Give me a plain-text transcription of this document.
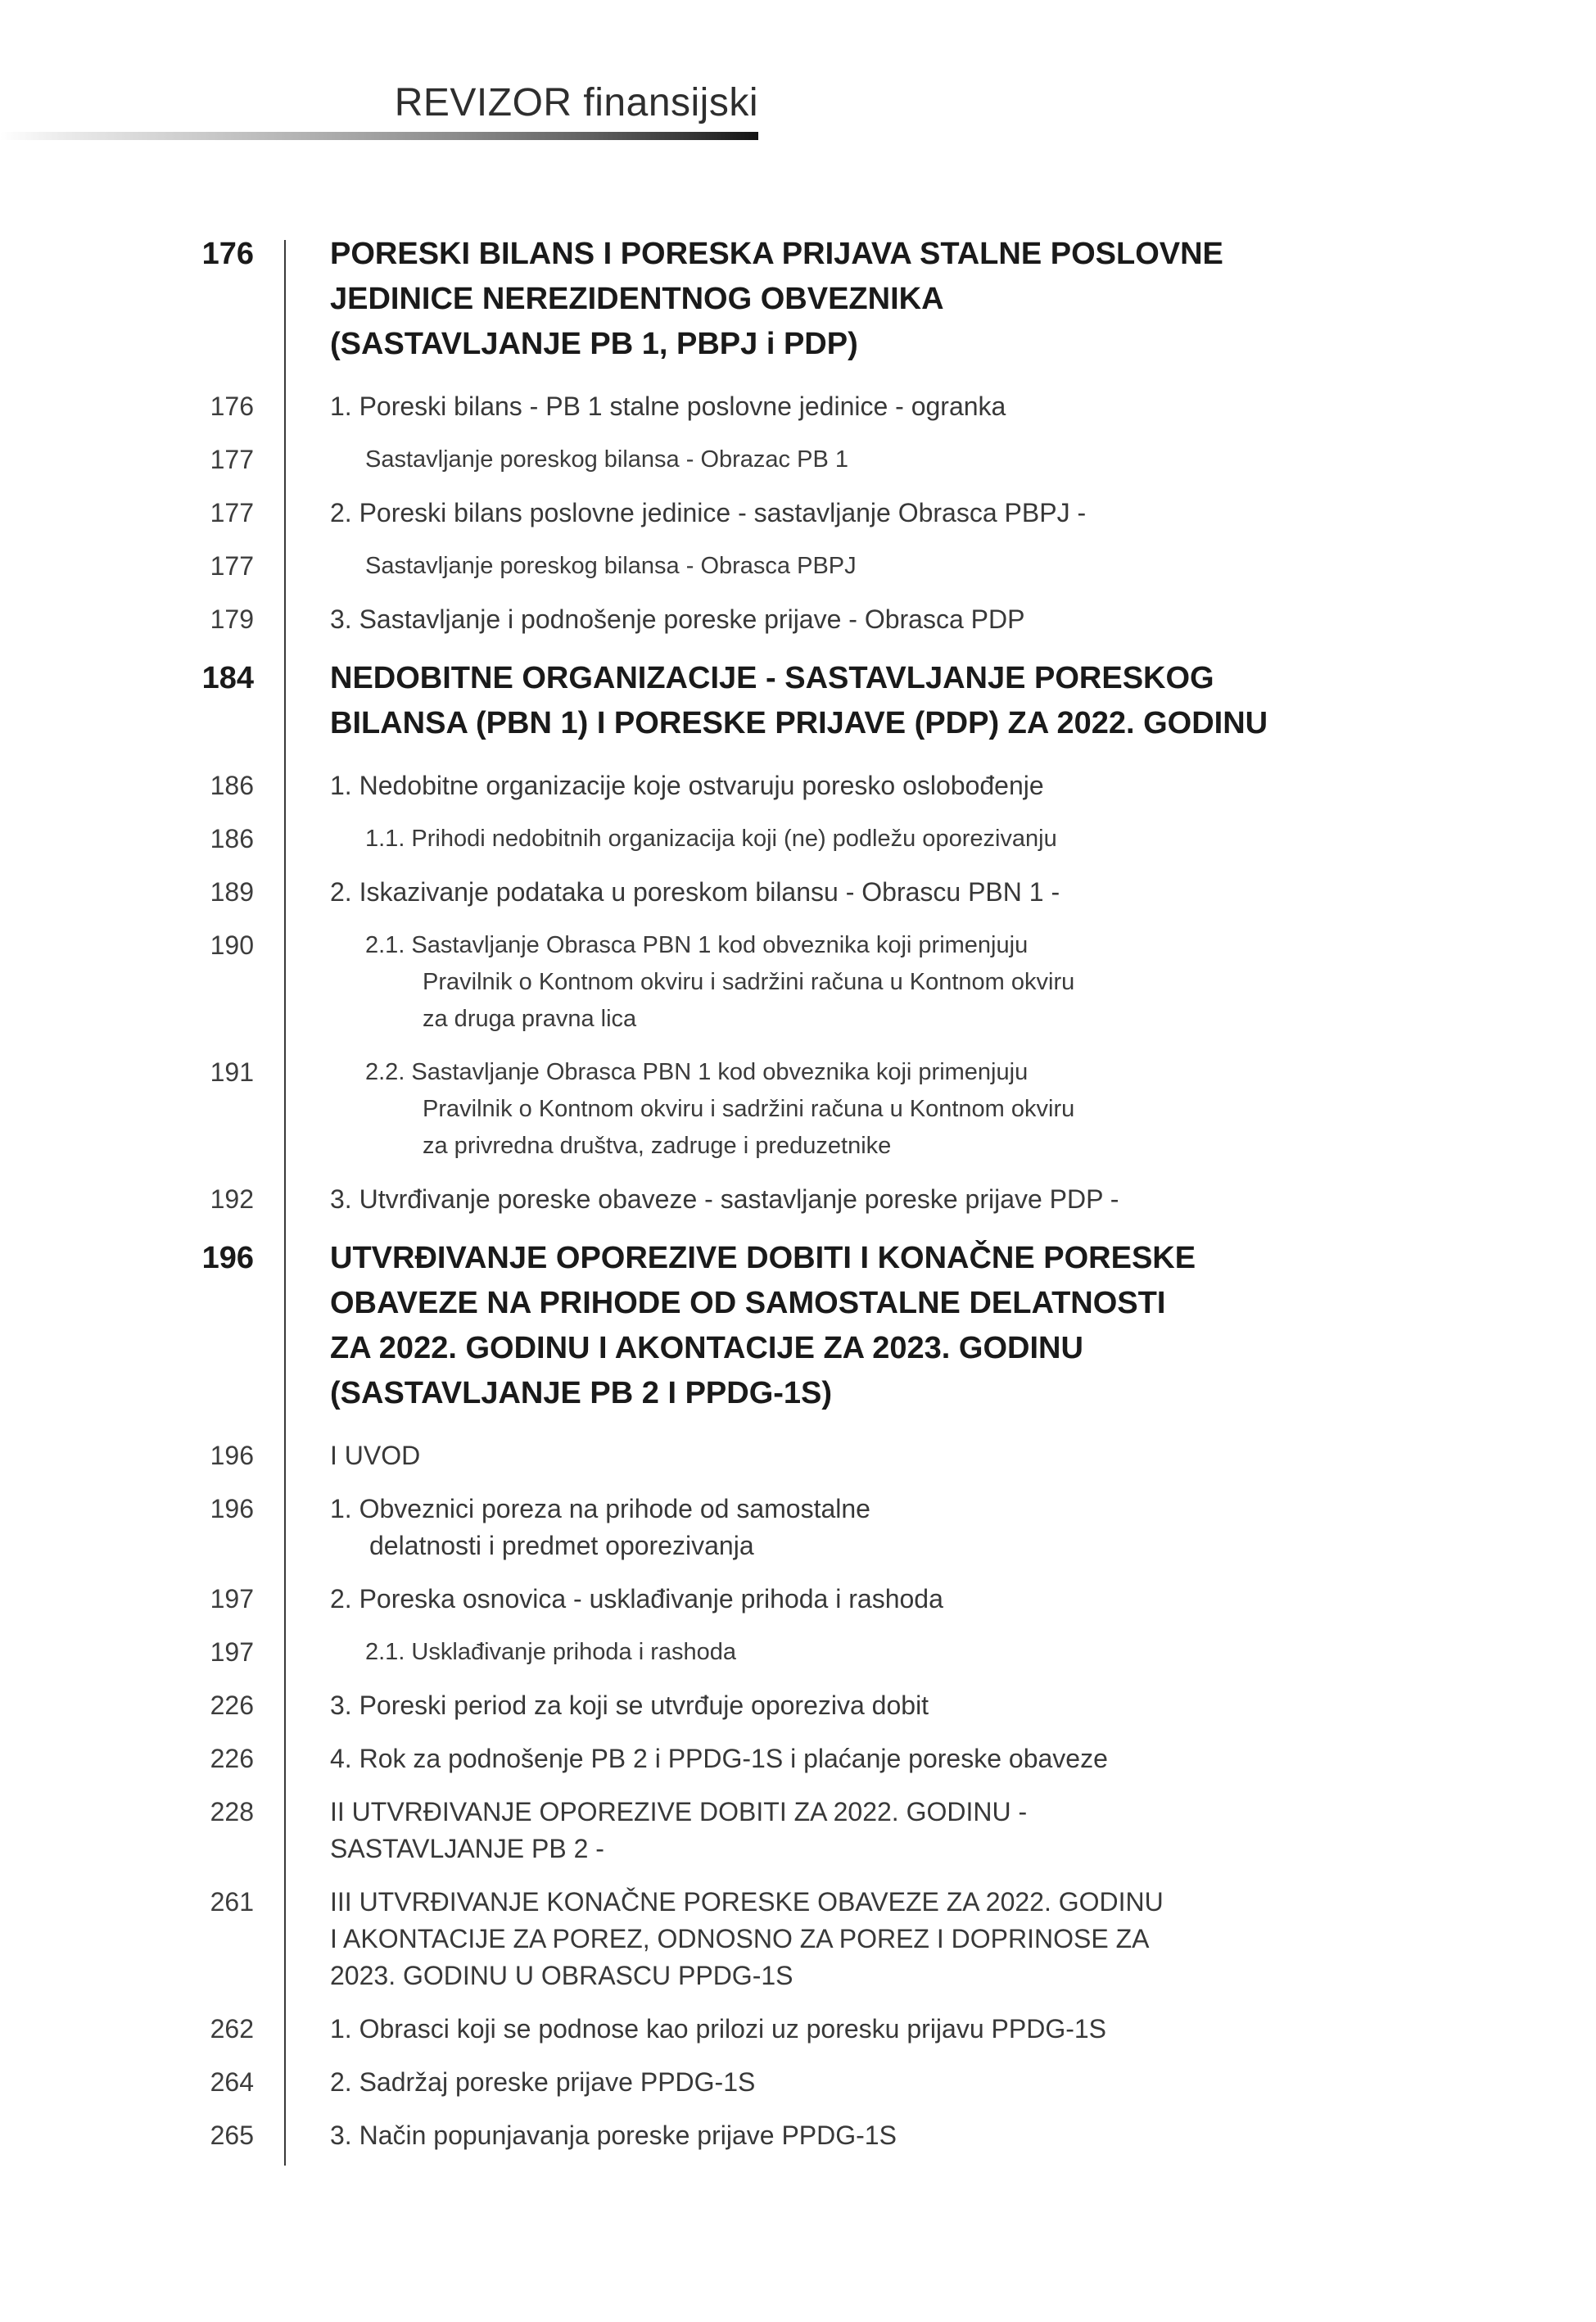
REVIZOR finansijski
176 PORESKI BILANS I PORESKA PRIJAVA STALNE POSLOVNE
JEDINICE NEREZIDENTNOG OBVEZNIKA
(SASTAVLJANJE PB 1, PBPJ i PDP)
176	1. Poreski bilans - PB 1 stalne poslovne jedinice - ogranka
177	Sastavljanje poreskog bilansa - Obrazac PB 1
177	2. Poreski bilans poslovne jedinice - sastavljanje Obrasca PBPJ -
177	Sastavljanje poreskog bilansa - Obrasca PBPJ
179	3. Sastavljanje i podnošenje poreske prijave - Obrasca PDP
184 NEDOBITNE ORGANIZACIJE - SASTAVLJANJE PORESKOG
BILANSA (PBN 1) I PORESKE PRIJAVE (PDP) ZA 2022. GODINU
186	1. Nedobitne organizacije koje ostvaruju poresko oslobođenje
186	1.1. Prihodi nedobitnih organizacija koji (ne) podležu oporezivanju
189	2. Iskazivanje podataka u poreskom bilansu - Obrascu PBN 1 -
190	2.1. Sastavljanje Obrasca PBN 1 kod obveznika koji primenjuju
Pravilnik o Kontnom okviru i sadržini računa u Kontnom okviru
za druga pravna lica
191	2.2. Sastavljanje Obrasca PBN 1 kod obveznika koji primenjuju
Pravilnik o Kontnom okviru i sadržini računa u Kontnom okviru
za privredna društva, zadruge i preduzetnike
192	3. Utvrđivanje poreske obaveze - sastavljanje poreske prijave PDP -
196 UTVRĐIVANJE OPOREZIVE DOBITI I KONAČNE PORESKE
OBAVEZE NA PRIHODE OD SAMOSTALNE DELATNOSTI
ZA 2022. GODINU I AKONTACIJE ZA 2023. GODINU
(SASTAVLJANJE PB 2 I PPDG-1S)
196	I UVOD
196	1. Obveznici poreza na prihode od samostalne
delatnosti i predmet oporezivanja
197	2. Poreska osnovica - usklađivanje prihoda i rashoda
197	2.1. Usklađivanje prihoda i rashoda
226	3. Poreski period za koji se utvrđuje oporeziva dobit
226	4. Rok za podnošenje PB 2 i PPDG-1S i plaćanje poreske obaveze
228	II UTVRĐIVANJE OPOREZIVE DOBITI ZA 2022. GODINU -
SASTAVLJANJE PB 2 -
261	III UTVRĐIVANJE KONAČNE PORESKE OBAVEZE ZA 2022. GODINU
I AKONTACIJE ZA POREZ, ODNOSNO ZA POREZ I DOPRINOSE ZA
2023. GODINU U OBRASCU PPDG-1S
262	1. Obrasci koji se podnose kao prilozi uz poresku prijavu PPDG-1S
264	2. Sadržaj poreske prijave PPDG-1S
265	3. Način popunjavanja poreske prijave PPDG-1S
